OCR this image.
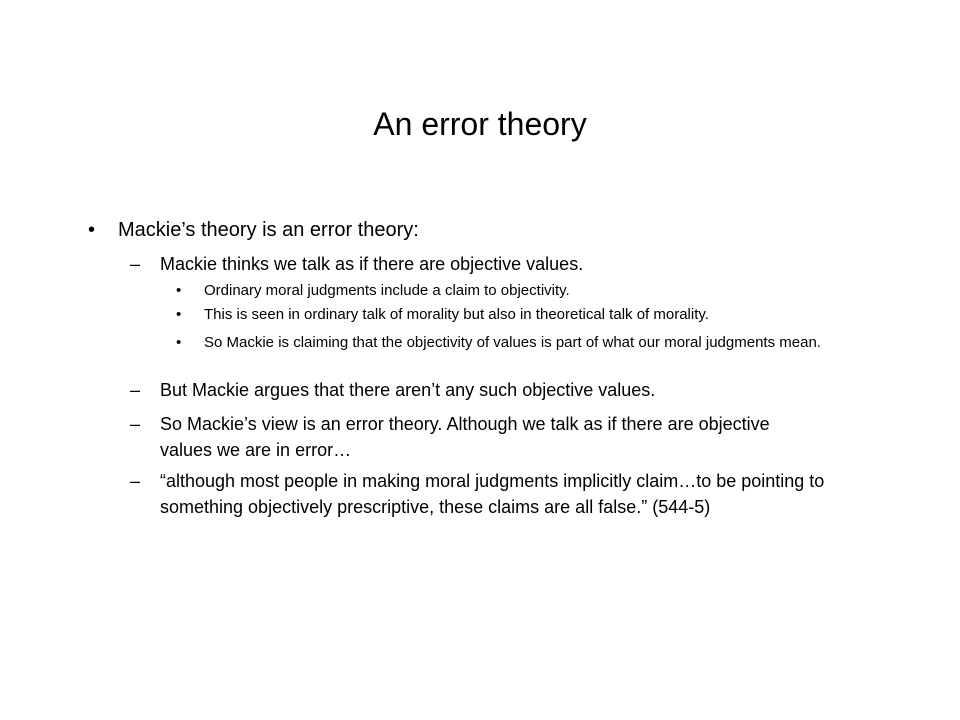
An error theory
• Mackie’s theory is an error theory:
– Mackie thinks we talk as if there are objective values.
• Ordinary moral judgments include a claim to objectivity.
• This is seen in ordinary talk of morality but also in theoretical talk of morality.
• So Mackie is claiming that the objectivity of values is part of what our moral judgments mean.
– But Mackie argues that there aren’t any such objective values.
– So Mackie’s view is an error theory. Although we talk as if there are objective values we are in error…
– “although most people in making moral judgments implicitly claim…to be pointing to something objectively prescriptive, these claims are all false.” (544-5)
